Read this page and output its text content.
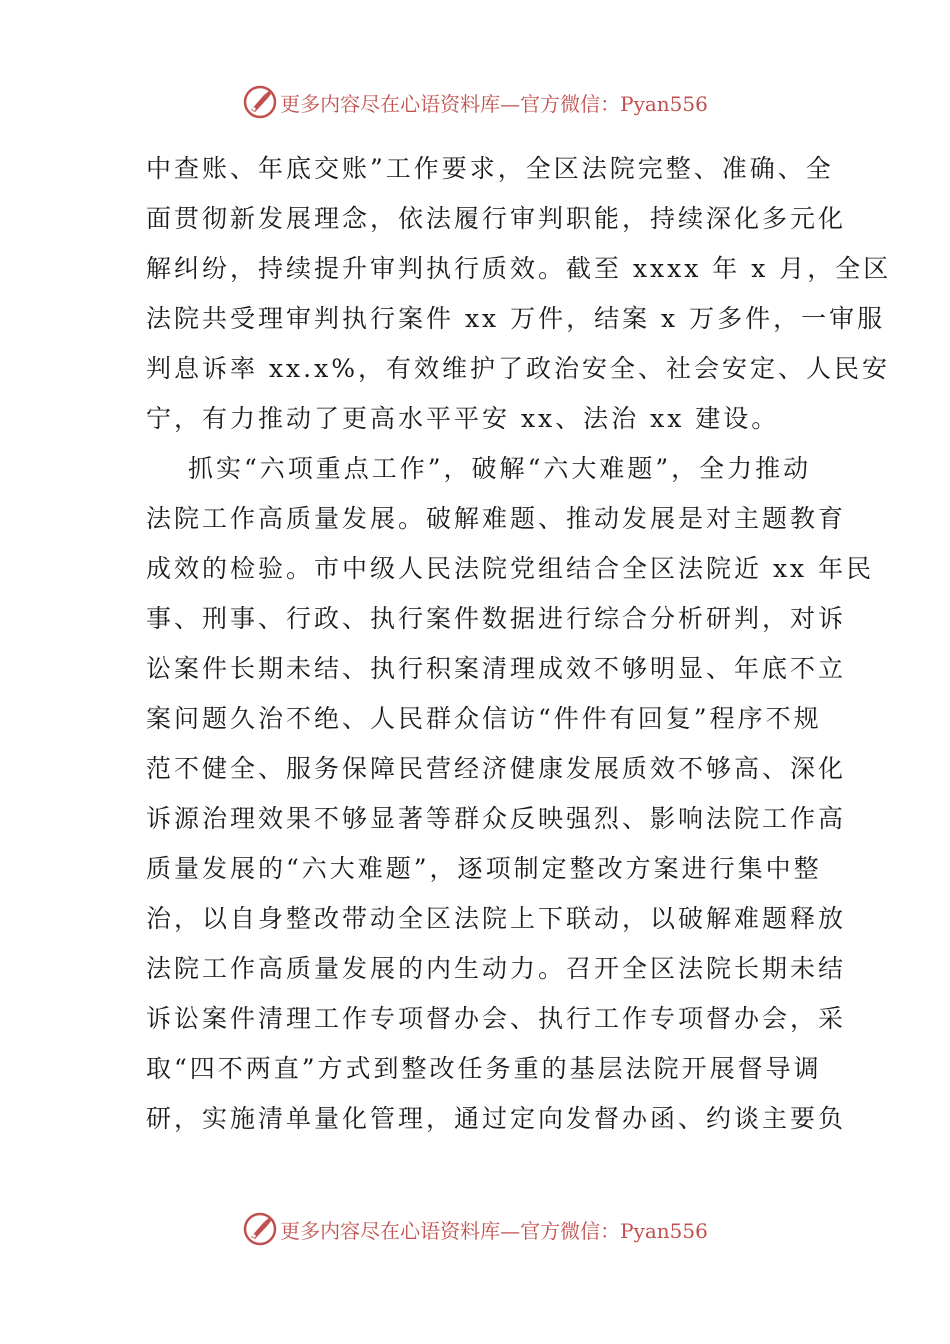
更多内容尽在心语资料库—官方微信：Pyan556
中查账、年底交账”工作要求，全区法院完整、准确、全
面贯彻新发展理念，依法履行审判职能，持续深化多元化
解纠纷，持续提升审判执行质效。截至 xxxx 年 x 月，全区
法院共受理审判执行案件 xx 万件，结案 x 万多件，一审服
判息诉率 xx.x%，有效维护了政治安全、社会安定、人民安
宁，有力推动了更高水平平安 xx、法治 xx 建设。
抓实“六项重点工作”，破解“六大难题”，全力推动
法院工作高质量发展。破解难题、推动发展是对主题教育
成效的检验。市中级人民法院党组结合全区法院近 xx 年民
事、刑事、行政、执行案件数据进行综合分析研判，对诉
讼案件长期未结、执行积案清理成效不够明显、年底不立
案问题久治不绝、人民群众信访“件件有回复”程序不规
范不健全、服务保障民营经济健康发展质效不够高、深化
诉源治理效果不够显著等群众反映强烈、影响法院工作高
质量发展的“六大难题”，逐项制定整改方案进行集中整
治，以自身整改带动全区法院上下联动，以破解难题释放
法院工作高质量发展的内生动力。召开全区法院长期未结
诉讼案件清理工作专项督办会、执行工作专项督办会，采
取“四不两直”方式到整改任务重的基层法院开展督导调
研，实施清单量化管理，通过定向发督办函、约谈主要负
更多内容尽在心语资料库—官方微信：Pyan556
